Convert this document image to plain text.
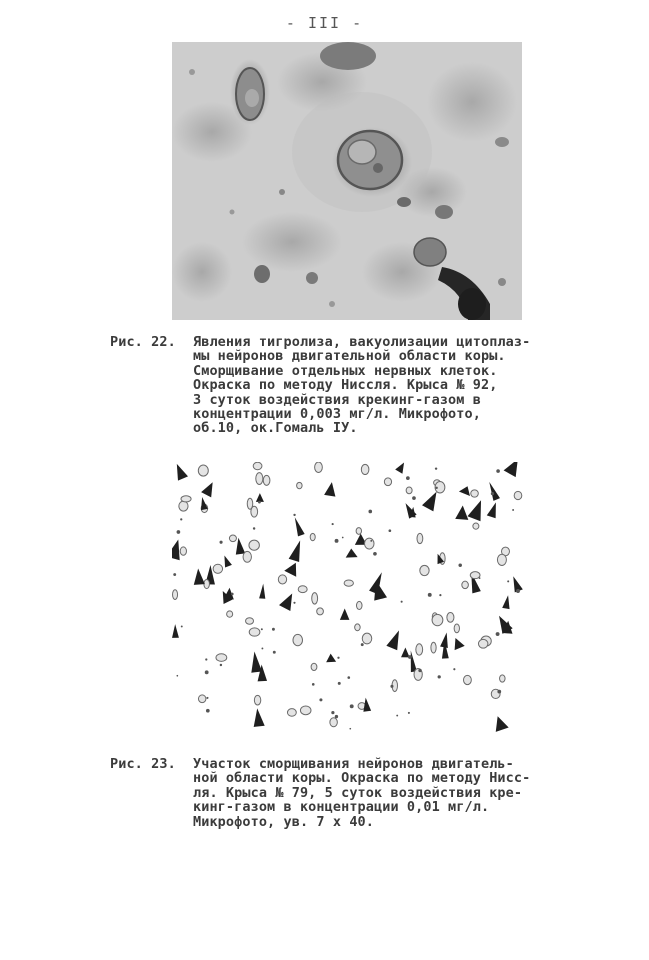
- III -
Рис. 22. Явления тигролиза, вакуолизации цитоплаз-
мы нейронов двигательной области коры.
Сморщивание отдельных нервных клеток.
Окраска по методу Ниссля. Крыса № 92,
3 суток воздействия крекинг-газом в
концентрации 0,003 мг/л. Микрофото,
об.10, ок.Гомаль IУ.
Рис. 23. Участок сморщивания нейронов двигатель-
ной области коры. Окраска по методу Нисс-
ля. Крыса № 79, 5 суток воздействия кре-
кинг-газом в концентрации 0,01 мг/л.
Микрофото, ув. 7 х 40.
